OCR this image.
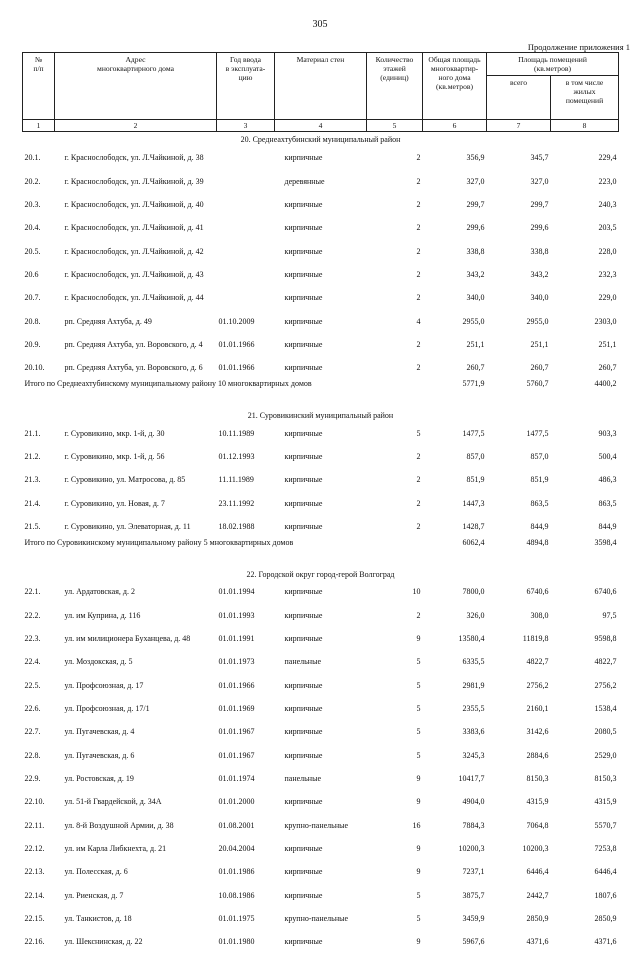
305
Продолжение приложения 1
№
п/п	Адрес
многоквартирного дома	Год ввода
в эксплуата-
цию	Материал стен	Количество
этажей
(единиц)	Общая площадь
многоквартир-
ного дома
(кв.метров)	Площадь помещений
(кв.метров)	
						всего	в том числе
жилых
помещений
1	2	3	4	5	6	7	8
20. Среднеахтубинский муниципальный район							
20.1.	г. Краснослободск, ул. Л.Чайкиной, д. 38		кирпичные	2	356,9	345,7	229,4
20.2.	г. Краснослободск, ул. Л.Чайкиной, д. 39		деревянные	2	327,0	327,0	223,0
20.3.	г. Краснослободск, ул. Л.Чайкиной, д. 40		кирпичные	2	299,7	299,7	240,3
20.4.	г. Краснослободск, ул. Л.Чайкиной, д. 41		кирпичные	2	299,6	299,6	203,5
20.5.	г. Краснослободск, ул. Л.Чайкиной, д. 42		кирпичные	2	338,8	338,8	228,0
20.6	г. Краснослободск, ул. Л.Чайкиной, д. 43		кирпичные	2	343,2	343,2	232,3
20.7.	г. Краснослободск, ул. Л.Чайкиной, д. 44		кирпичные	2	340,0	340,0	229,0
20.8.	рп. Средняя Ахтуба, д. 49	01.10.2009	кирпичные	4	2955,0	2955,0	2303,0
20.9.	рп. Средняя Ахтуба, ул. Воровского, д. 4	01.01.1966	кирпичные	2	251,1	251,1	251,1
20.10.	рп. Средняя Ахтуба, ул. Воровского, д. 6	01.01.1966	кирпичные	2	260,7	260,7	260,7
Итого по Среднеахтубинскому муниципальному району 10 многоквартирных домов					5771,9	5760,7	4400,2
21. Суровикинский муниципальный район							
21.1.	г. Суровикино, мкр. 1-й, д. 30	10.11.1989	кирпичные	5	1477,5	1477,5	903,3
21.2.	г. Суровикино, мкр. 1-й, д. 56	01.12.1993	кирпичные	2	857,0	857,0	500,4
21.3.	г. Суровикино, ул. Матросова, д. 85	11.11.1989	кирпичные	2	851,9	851,9	486,3
21.4.	г. Суровикино, ул. Новая, д. 7	23.11.1992	кирпичные	2	1447,3	863,5	863,5
21.5.	г. Суровикино, ул. Элеваторная, д. 11	18.02.1988	кирпичные	2	1428,7	844,9	844,9
Итого по Суровикинскому муниципальному району 5 многоквартирных домов					6062,4	4894,8	3598,4
22. Городской округ город-герой Волгоград							
22.1.	ул. Ардатовская, д. 2	01.01.1994	кирпичные	10	7800,0	6740,6	6740,6
22.2.	ул. им Куприна, д. 116	01.01.1993	кирпичные	2	326,0	308,0	97,5
22.3.	ул. им милиционера Буханцева, д. 48	01.01.1991	кирпичные	9	13580,4	11819,8	9598,8
22.4.	ул. Моздокская, д. 5	01.01.1973	панельные	5	6335,5	4822,7	4822,7
22.5.	ул. Профсоюзная, д. 17	01.01.1966	кирпичные	5	2981,9	2756,2	2756,2
22.6.	ул. Профсоюзная, д. 17/1	01.01.1969	кирпичные	5	2355,5	2160,1	1538,4
22.7.	ул. Пугачевская, д. 4	01.01.1967	кирпичные	5	3383,6	3142,6	2080,5
22.8.	ул. Пугачевская, д. 6	01.01.1967	кирпичные	5	3245,3	2884,6	2529,0
22.9.	ул. Ростовская, д. 19	01.01.1974	панельные	9	10417,7	8150,3	8150,3
22.10.	ул. 51-й Гвардейской, д. 34А	01.01.2000	кирпичные	9	4904,0	4315,9	4315,9
22.11.	ул. 8-й Воздушной Армии, д. 38	01.08.2001	крупно-панельные	16	7884,3	7064,8	5570,7
22.12.	ул. им Карла Либкнехта, д. 21	20.04.2004	кирпичные	9	10200,3	10200,3	7253,8
22.13.	ул. Полесская, д. 6	01.01.1986	кирпичные	9	7237,1	6446,4	6446,4
22.14.	ул. Риенская, д. 7	10.08.1986	кирпичные	5	3875,7	2442,7	1807,6
22.15.	ул. Танкистов, д. 18	01.01.1975	крупно-панельные	5	3459,9	2850,9	2850,9
22.16.	ул. Шекснинская, д. 22	01.01.1980	кирпичные	9	5967,6	4371,6	4371,6
